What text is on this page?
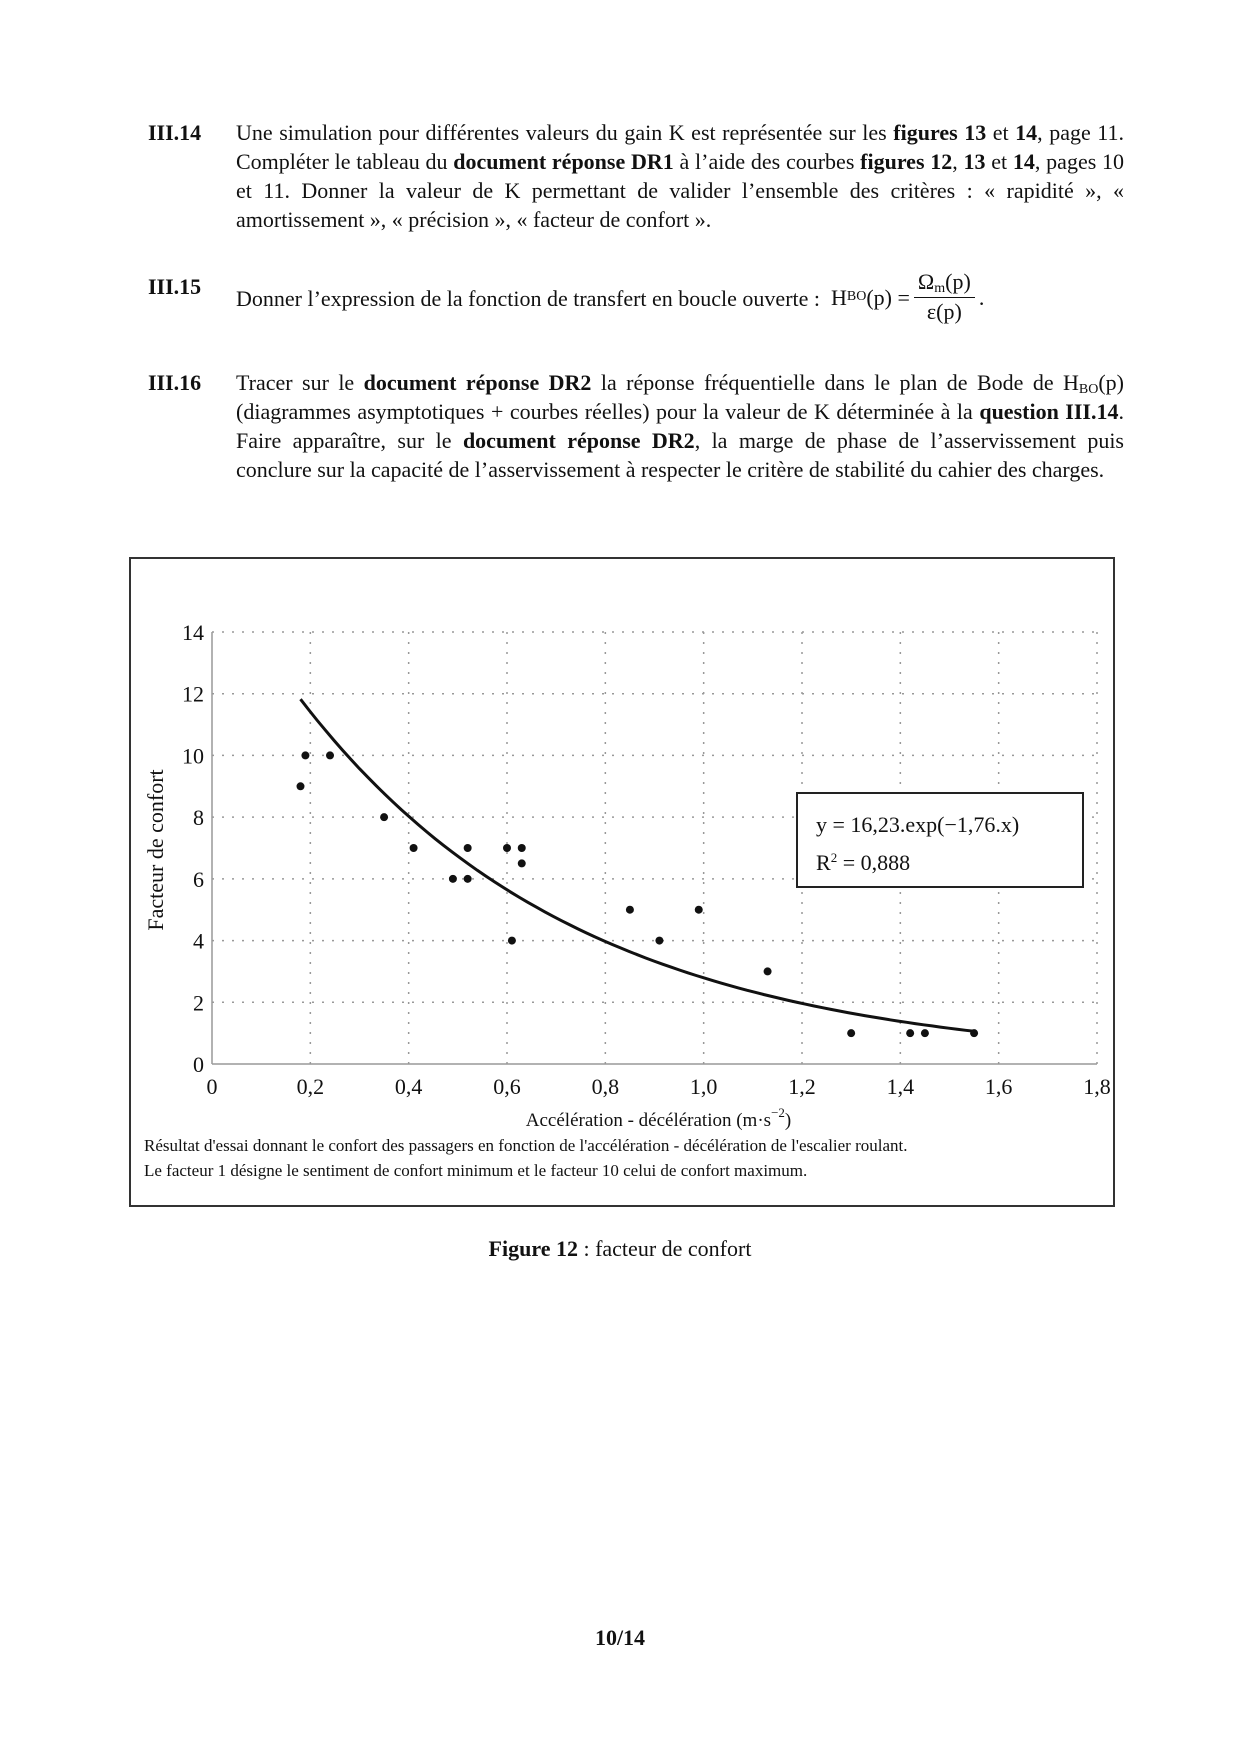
III.14 Une simulation pour différentes valeurs du gain K est représentée sur les figures 13 et 14, page 11. Compléter le tableau du document réponse DR1 à l’aide des courbes figures 12, 13 et 14, pages 10 et 11. Donner la valeur de K permettant de valider l’ensemble des critères : « rapidité », « amortissement », « précision », « facteur de confort ».
III.15 Donner l’expression de la fonction de transfert en boucle ouverte : H BO $(p) = \frac{\Omega_m(p)}{\varepsilon(p)}$ .
III.16 Tracer sur le document réponse DR2 la réponse fréquentielle dans le plan de Bode de $H_{BO}(p)$ (diagrammes asymptotiques + courbes réelles) pour la valeur de K déterminée à la question III.14. Faire apparaître, sur le document réponse DR2, la marge de phase de l’asservissement puis conclure sur la capacité de l’asservissement à respecter le critère de stabilité du cahier des charges.
0
2
4
6
8
10
12
14
0	0,2	0,4	0,6	0,8	1,0	1,2	1,4	1,6	1,8
Accélération - décélération $(m\cdot s^{-2})$
Facteur de confort	y = 16,23.exp(−1,76.x)
$R^2 = 0,888$
Résultat d'essai donnant le confort des passagers en fonction de l'accélération - décélération de l'escalier roulant.
Le facteur 1 désigne le sentiment de confort minimum et le facteur 10 celui de confort maximum.
Figure 12 : facteur de confort
10/14
